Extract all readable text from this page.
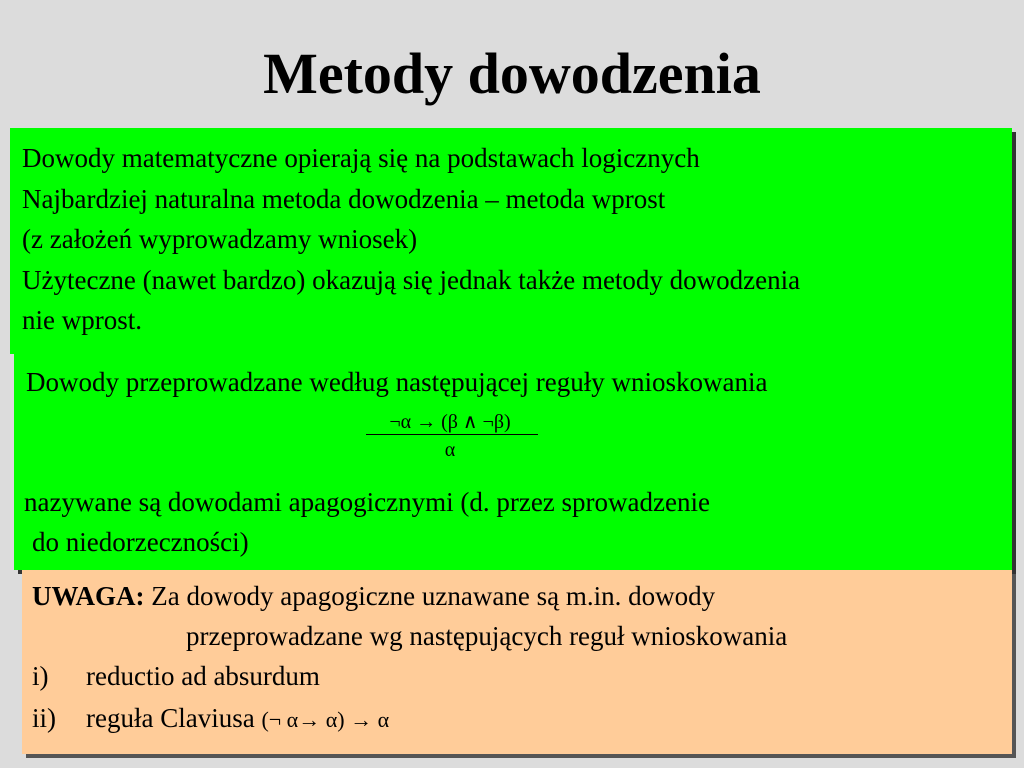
Metody dowodzenia
Dowody matematyczne opierają się na podstawach logicznych
Najbardziej naturalna metoda dowodzenia – metoda wprost
(z założeń wyprowadzamy wniosek)
Użyteczne (nawet bardzo) okazują się jednak także metody dowodzenia
nie wprost.
Dowody przeprowadzane według następującej reguły wnioskowania
¬α → (β ∧ ¬β)
α
nazywane są dowodami apagogicznymi (d. przez sprowadzenie
do niedorzeczności)
UWAGA: Za dowody apagogiczne uznawane są m.in. dowody
przeprowadzane wg następujących reguł wnioskowania
i) reductio ad absurdum
ii) reguła Claviusa (¬ α→ α) → α
